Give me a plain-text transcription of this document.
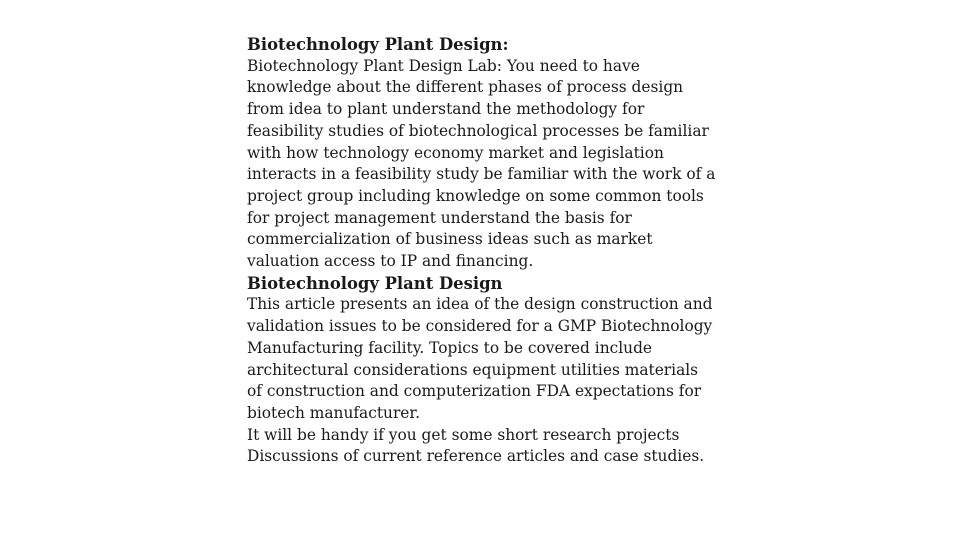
Biotechnology Plant Design:

Biotechnology Plant Design Lab: You need to have knowledge about the different phases of process design from idea to plant understand the methodology for feasibility studies of biotechnological processes be familiar with how technology economy market and legislation interacts in a feasibility study be familiar with the work of a project group including knowledge on some common tools for project management understand the basis for commercialization of business ideas such as market valuation access to IP and financing.

Biotechnology Plant Design

This article presents an idea of the design construction and validation issues to be considered for a GMP Biotechnology Manufacturing facility. Topics to be covered include architectural considerations equipment utilities materials of construction and computerization FDA expectations for biotech manufacturer.

It will be handy if you get some short research projects

Discussions of current reference articles and case studies.
